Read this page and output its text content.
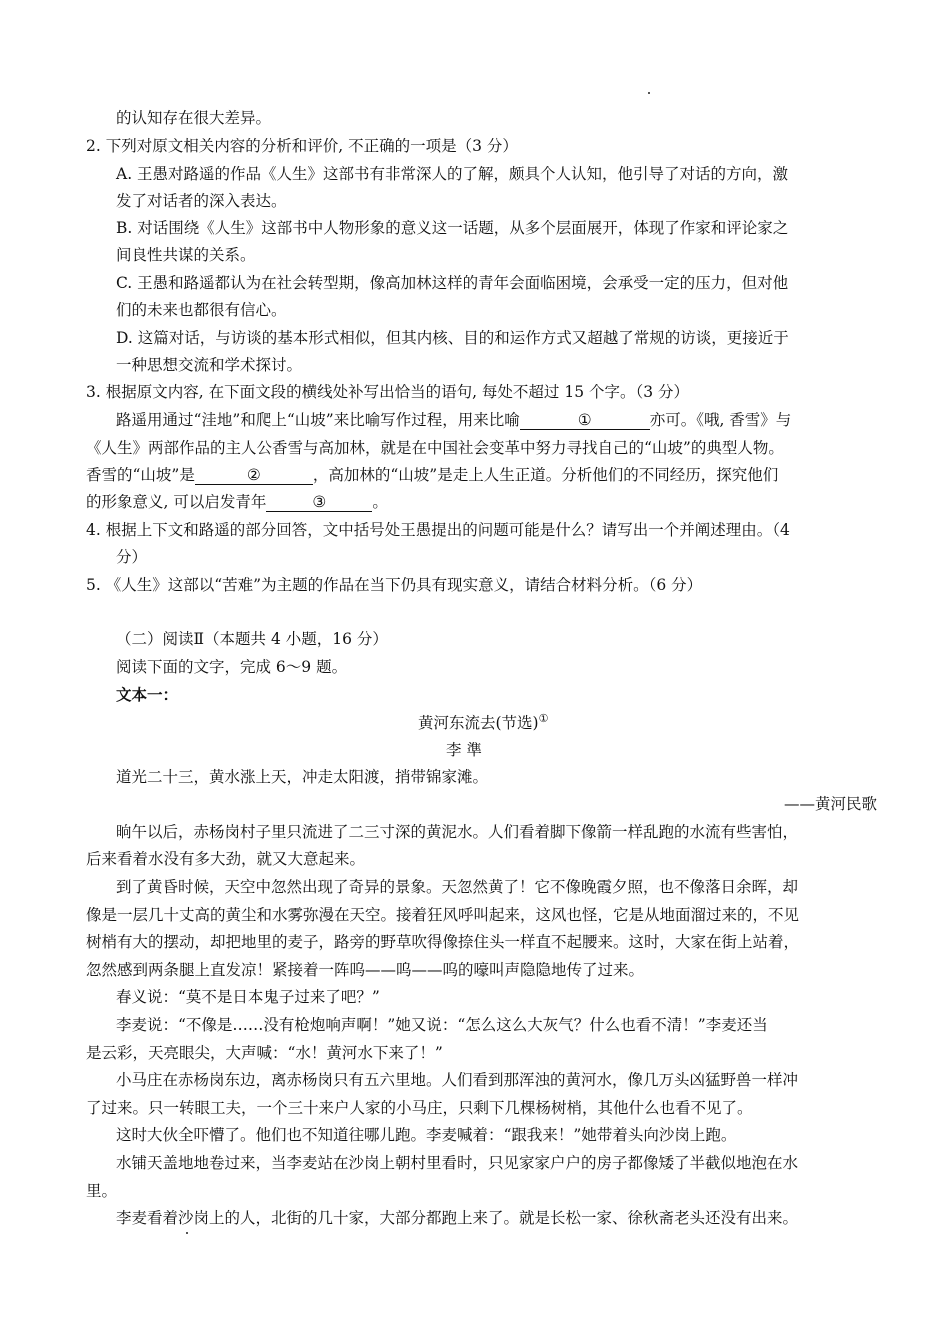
的认知存在很大差异。
2. 下列对原文相关内容的分析和评价, 不正确的一项是（3 分）
A. 王愚对路遥的作品《人生》这部书有非常深人的了解，颇具个人认知，他引导了对话的方向，激
发了对话者的深入表达。
B. 对话围绕《人生》这部书中人物形象的意义这一话题，从多个层面展开，体现了作家和评论家之
间良性共谋的关系。
C. 王愚和路遥都认为在社会转型期，像高加林这样的青年会面临困境，会承受一定的压力，但对他
们的未来也都很有信心。
D. 这篇对话，与访谈的基本形式相似，但其内核、目的和运作方式又超越了常规的访谈，更接近于
一种思想交流和学术探讨。
3. 根据原文内容, 在下面文段的横线处补写出恰当的语句, 每处不超过 15 个字。（3 分）
路遥用通过“洼地”和爬上“山坡”来比喻写作过程，用来比喻	①	亦可。《哦, 香雪》与
《人生》两部作品的主人公香雪与高加林，就是在中国社会变革中努力寻找自己的“山坡”的典型人物。
香雪的“山坡”是	②	，高加林的“山坡”是走上人生正道。分析他们的不同经历，探究他们
的形象意义, 可以启发青年	③	。
4. 根据上下文和路遥的部分回答，文中括号处王愚提出的问题可能是什么？请写出一个并阐述理由。（4
分）
5. 《人生》这部以“苦难”为主题的作品在当下仍具有现实意义，请结合材料分析。（6 分）
（二）阅读Ⅱ（本题共 4 小题，16 分）
阅读下面的文字，完成 6～9 题。
文本一：
黄河东流去(节选)①
李 準
道光二十三，黄水涨上天，冲走太阳渡，捎带锦家滩。
——黄河民歌
晌午以后，赤杨岗村子里只流进了二三寸深的黄泥水。人们看着脚下像箭一样乱跑的水流有些害怕，
后来看着水没有多大劲，就又大意起来。
到了黄昏时候，天空中忽然出现了奇异的景象。天忽然黄了！它不像晚霞夕照，也不像落日余晖，却
像是一层几十丈高的黄尘和水雾弥漫在天空。接着狂风呼叫起来，这风也怪，它是从地面溜过来的，不见
树梢有大的摆动，却把地里的麦子，路旁的野草吹得像捺住头一样直不起腰来。这时，大家在街上站着，
忽然感到两条腿上直发凉！紧接着一阵呜——呜——呜的嚎叫声隐隐地传了过来。
春义说：“莫不是日本鬼子过来了吧？”
李麦说：“不像是……没有枪炮响声啊！”她又说：“怎么这么大灰气？什么也看不清！”李麦还当
是云彩，天亮眼尖，大声喊：“水！黄河水下来了！”
小马庄在赤杨岗东边，离赤杨岗只有五六里地。人们看到那浑浊的黄河水，像几万头凶猛野兽一样冲
了过来。只一转眼工夫，一个三十来户人家的小马庄，只剩下几棵杨树梢，其他什么也看不见了。
这时大伙全吓懵了。他们也不知道往哪儿跑。李麦喊着：“跟我来！”她带着头向沙岗上跑。
水铺天盖地地卷过来，当李麦站在沙岗上朝村里看时，只见家家户户的房子都像矮了半截似地泡在水
里。
李麦看着沙岗上的人，北街的几十家，大部分都跑上来了。就是长松一家、徐秋斋老头还没有出来。
